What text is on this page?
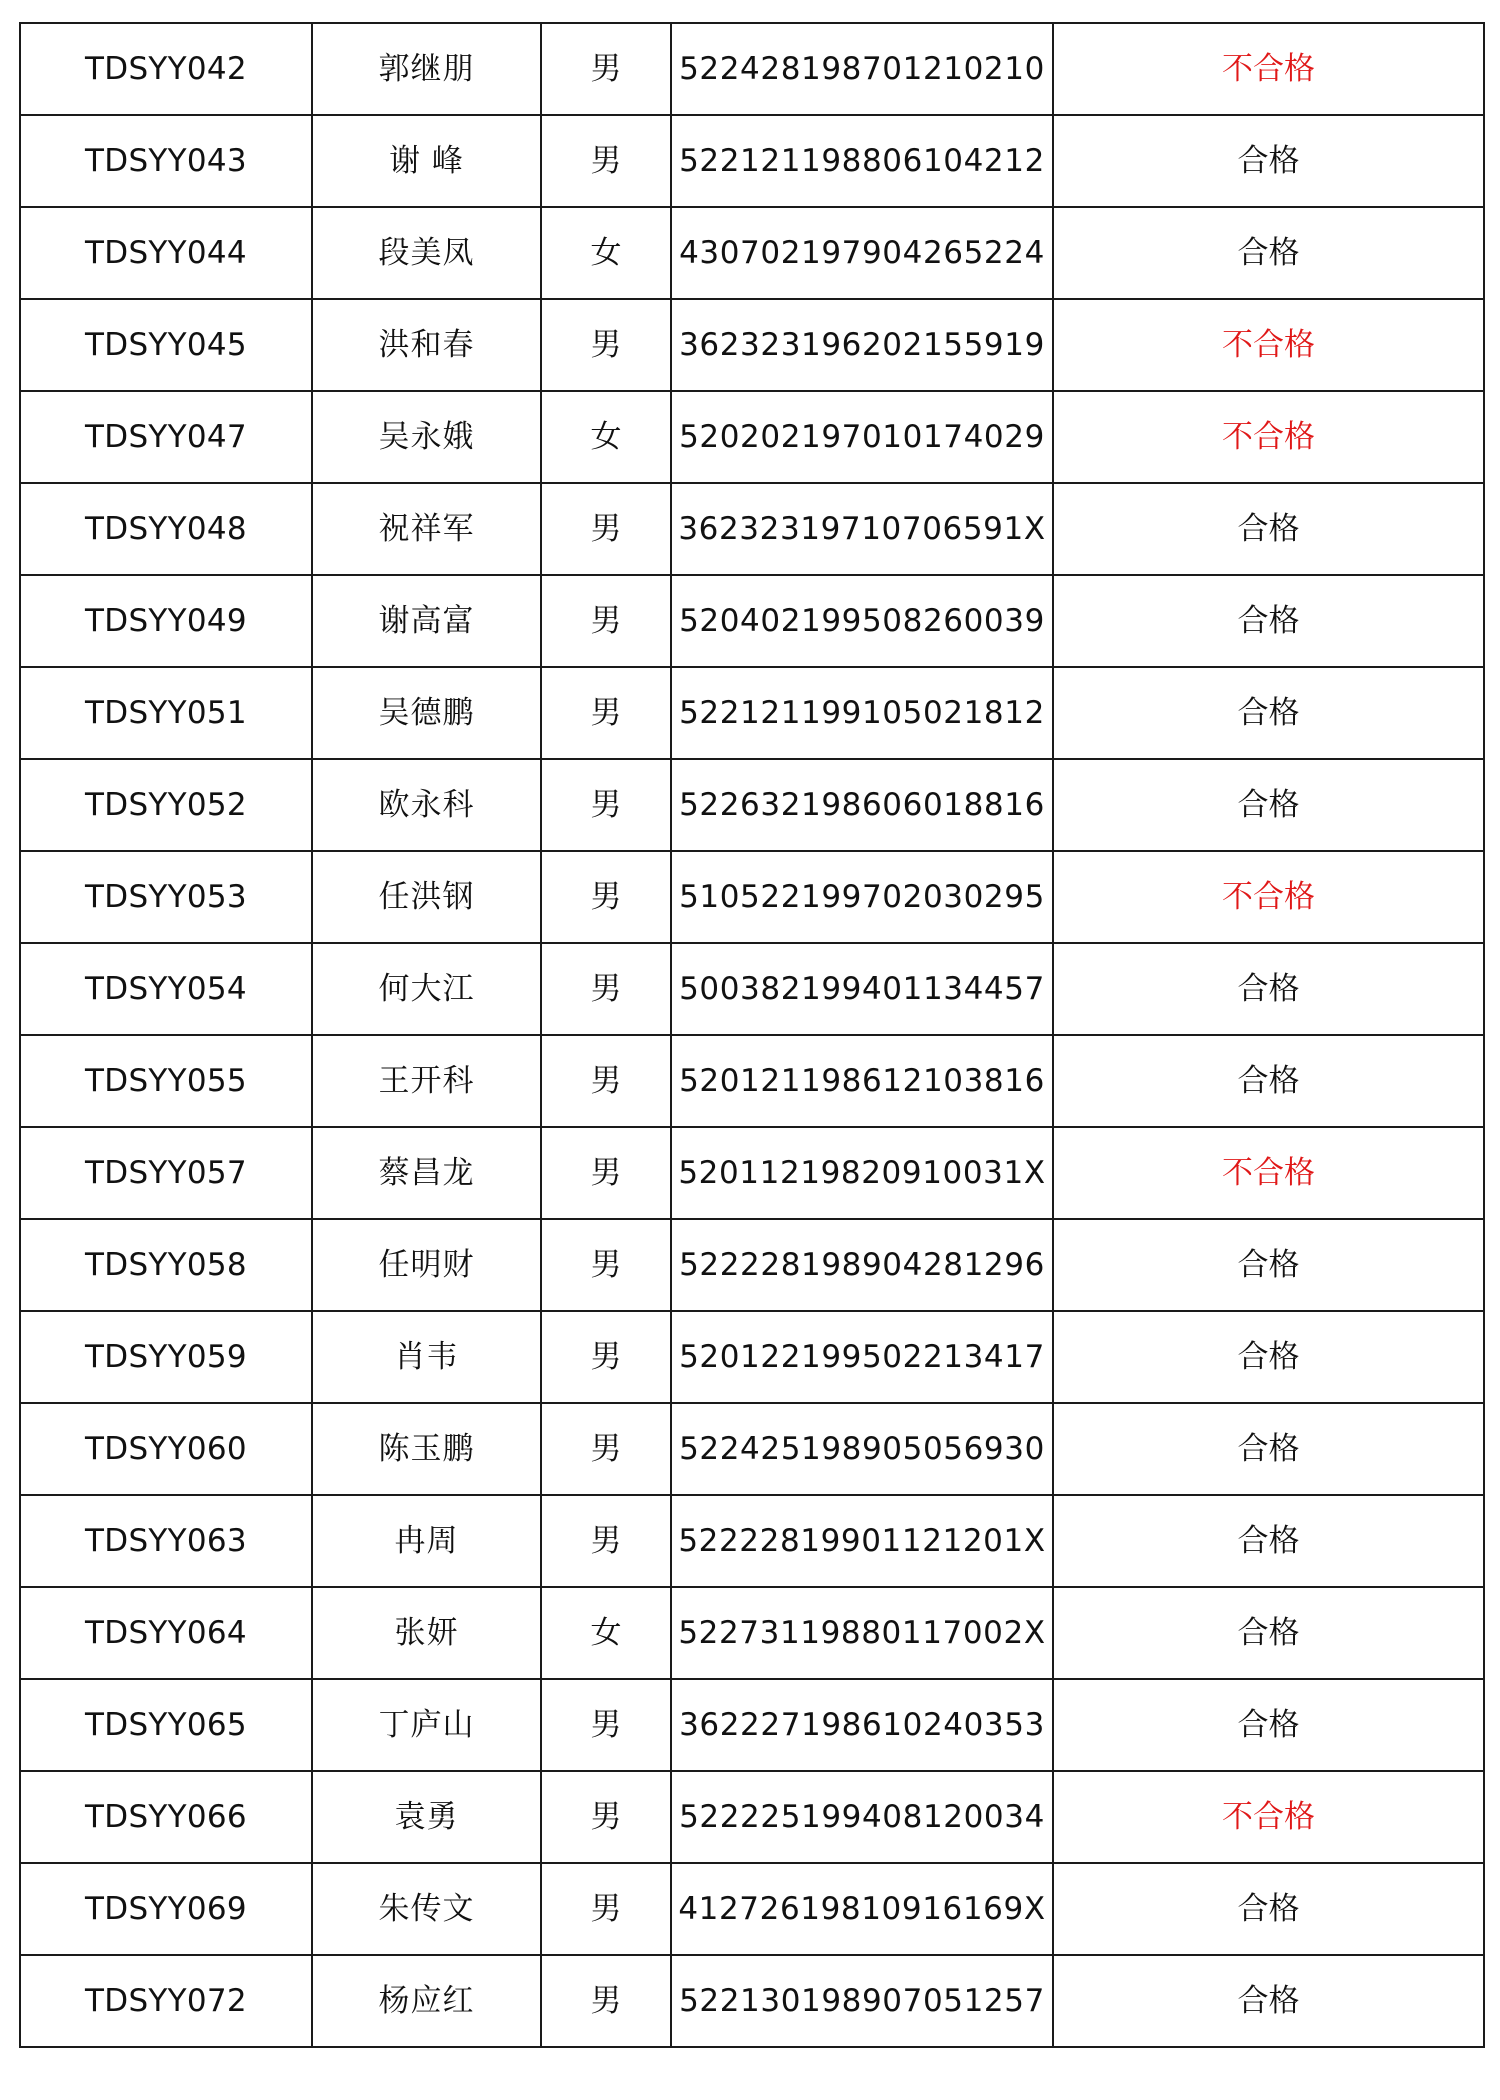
TDSYY042	郭继朋	男	522428198701210210	不合格
TDSYY043	谢 峰	男	522121198806104212	合格
TDSYY044	段美凤	女	430702197904265224	合格
TDSYY045	洪和春	男	362323196202155919	不合格
TDSYY047	吴永娥	女	520202197010174029	不合格
TDSYY048	祝祥军	男	36232319710706591X	合格
TDSYY049	谢高富	男	520402199508260039	合格
TDSYY051	吴德鹏	男	522121199105021812	合格
TDSYY052	欧永科	男	522632198606018816	合格
TDSYY053	任洪钢	男	510522199702030295	不合格
TDSYY054	何大江	男	500382199401134457	合格
TDSYY055	王开科	男	520121198612103816	合格
TDSYY057	蔡昌龙	男	52011219820910031X	不合格
TDSYY058	任明财	男	522228198904281296	合格
TDSYY059	肖韦	男	520122199502213417	合格
TDSYY060	陈玉鹏	男	522425198905056930	合格
TDSYY063	冉周	男	52222819901121201X	合格
TDSYY064	张妍	女	52273119880117002X	合格
TDSYY065	丁庐山	男	362227198610240353	合格
TDSYY066	袁勇	男	522225199408120034	不合格
TDSYY069	朱传文	男	41272619810916169X	合格
TDSYY072	杨应红	男	522130198907051257	合格
